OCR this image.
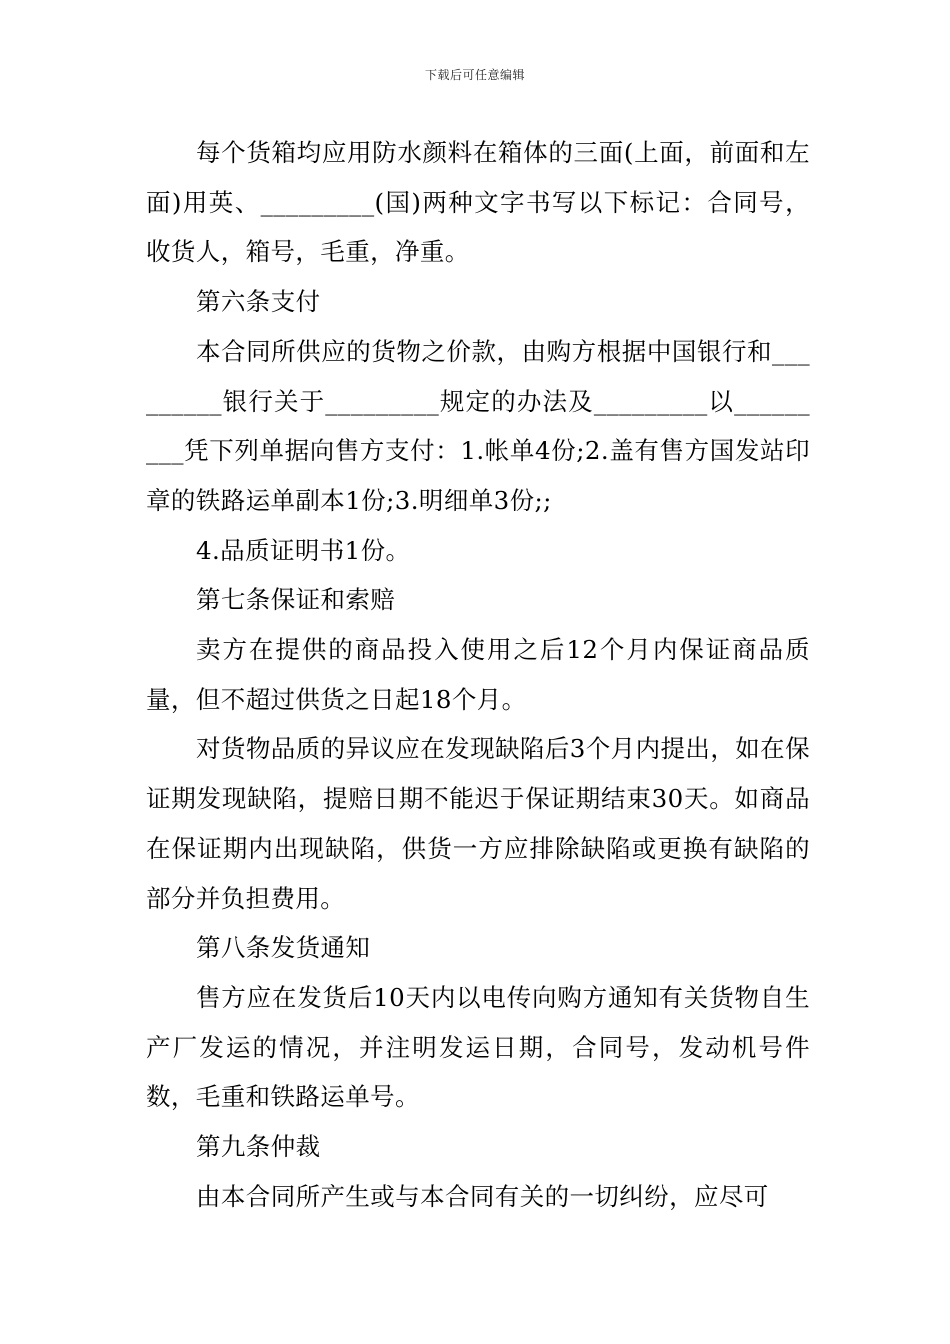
下载后可任意编辑

每个货箱均应用防水颜料在箱体的三面(上面，前面和左面)用英、_________(国)两种文字书写以下标记：合同号，收货人，箱号，毛重，净重。

第六条支付

本合同所供应的货物之价款，由购方根据中国银行和_________银行关于_________规定的办法及_________以_________凭下列单据向售方支付：1.帐单4份;2.盖有售方国发站印章的铁路运单副本1份;3.明细单3份;;

4.品质证明书1份。

第七条保证和索赔

卖方在提供的商品投入使用之后12个月内保证商品质量，但不超过供货之日起18个月。

对货物品质的异议应在发现缺陷后3个月内提出，如在保证期发现缺陷，提赔日期不能迟于保证期结束30天。如商品在保证期内出现缺陷，供货一方应排除缺陷或更换有缺陷的部分并负担费用。

第八条发货通知

售方应在发货后10天内以电传向购方通知有关货物自生产厂发运的情况，并注明发运日期，合同号，发动机号件数，毛重和铁路运单号。

第九条仲裁

由本合同所产生或与本合同有关的一切纠纷，应尽可
